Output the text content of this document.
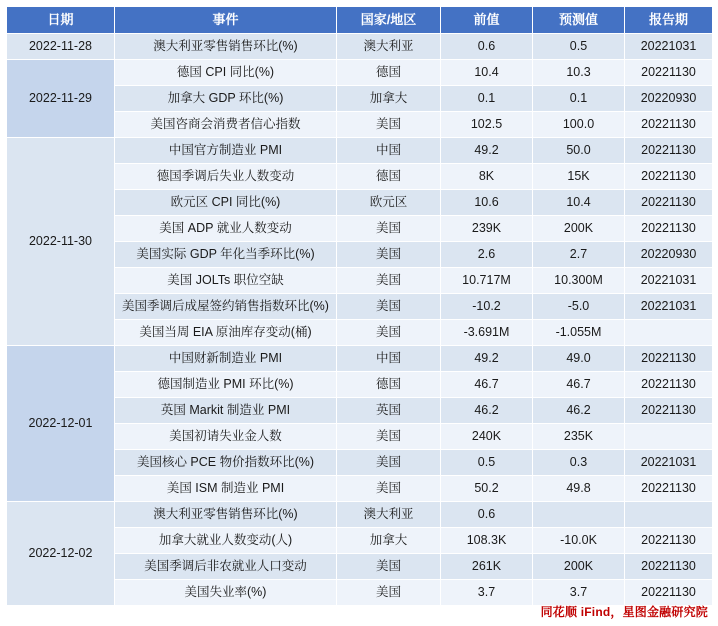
日期	事件	国家/地区	前值	预测值	报告期
2022-11-28	澳大利亚零售销售环比(%)	澳大利亚	0.6	0.5	20221031
2022-11-29	德国 CPI 同比(%)	德国	10.4	10.3	20221130
	加拿大 GDP 环比(%)	加拿大	0.1	0.1	20220930
	美国咨商会消费者信心指数	美国	102.5	100.0	20221130
2022-11-30	中国官方制造业 PMI	中国	49.2	50.0	20221130
	德国季调后失业人数变动	德国	8K	15K	20221130
	欧元区 CPI 同比(%)	欧元区	10.6	10.4	20221130
	美国 ADP 就业人数变动	美国	239K	200K	20221130
	美国实际 GDP 年化当季环比(%)	美国	2.6	2.7	20220930
	美国 JOLTs 职位空缺	美国	10.717M	10.300M	20221031
	美国季调后成屋签约销售指数环比(%)	美国	-10.2	-5.0	20221031
	美国当周 EIA 原油库存变动(桶)	美国	-3.691M	-1.055M	
2022-12-01	中国财新制造业 PMI	中国	49.2	49.0	20221130
	德国制造业 PMI 环比(%)	德国	46.7	46.7	20221130
	英国 Markit 制造业 PMI	英国	46.2	46.2	20221130
	美国初请失业金人数	美国	240K	235K	
	美国核心 PCE 物价指数环比(%)	美国	0.5	0.3	20221031
	美国 ISM 制造业 PMI	美国	50.2	49.8	20221130
2022-12-02	澳大利亚零售销售环比(%)	澳大利亚	0.6		
	加拿大就业人数变动(人)	加拿大	108.3K	-10.0K	20221130
	美国季调后非农就业人口变动	美国	261K	200K	20221130
	美国失业率(%)	美国	3.7	3.7	20221130
同花顺 iFind，星图金融研究院
